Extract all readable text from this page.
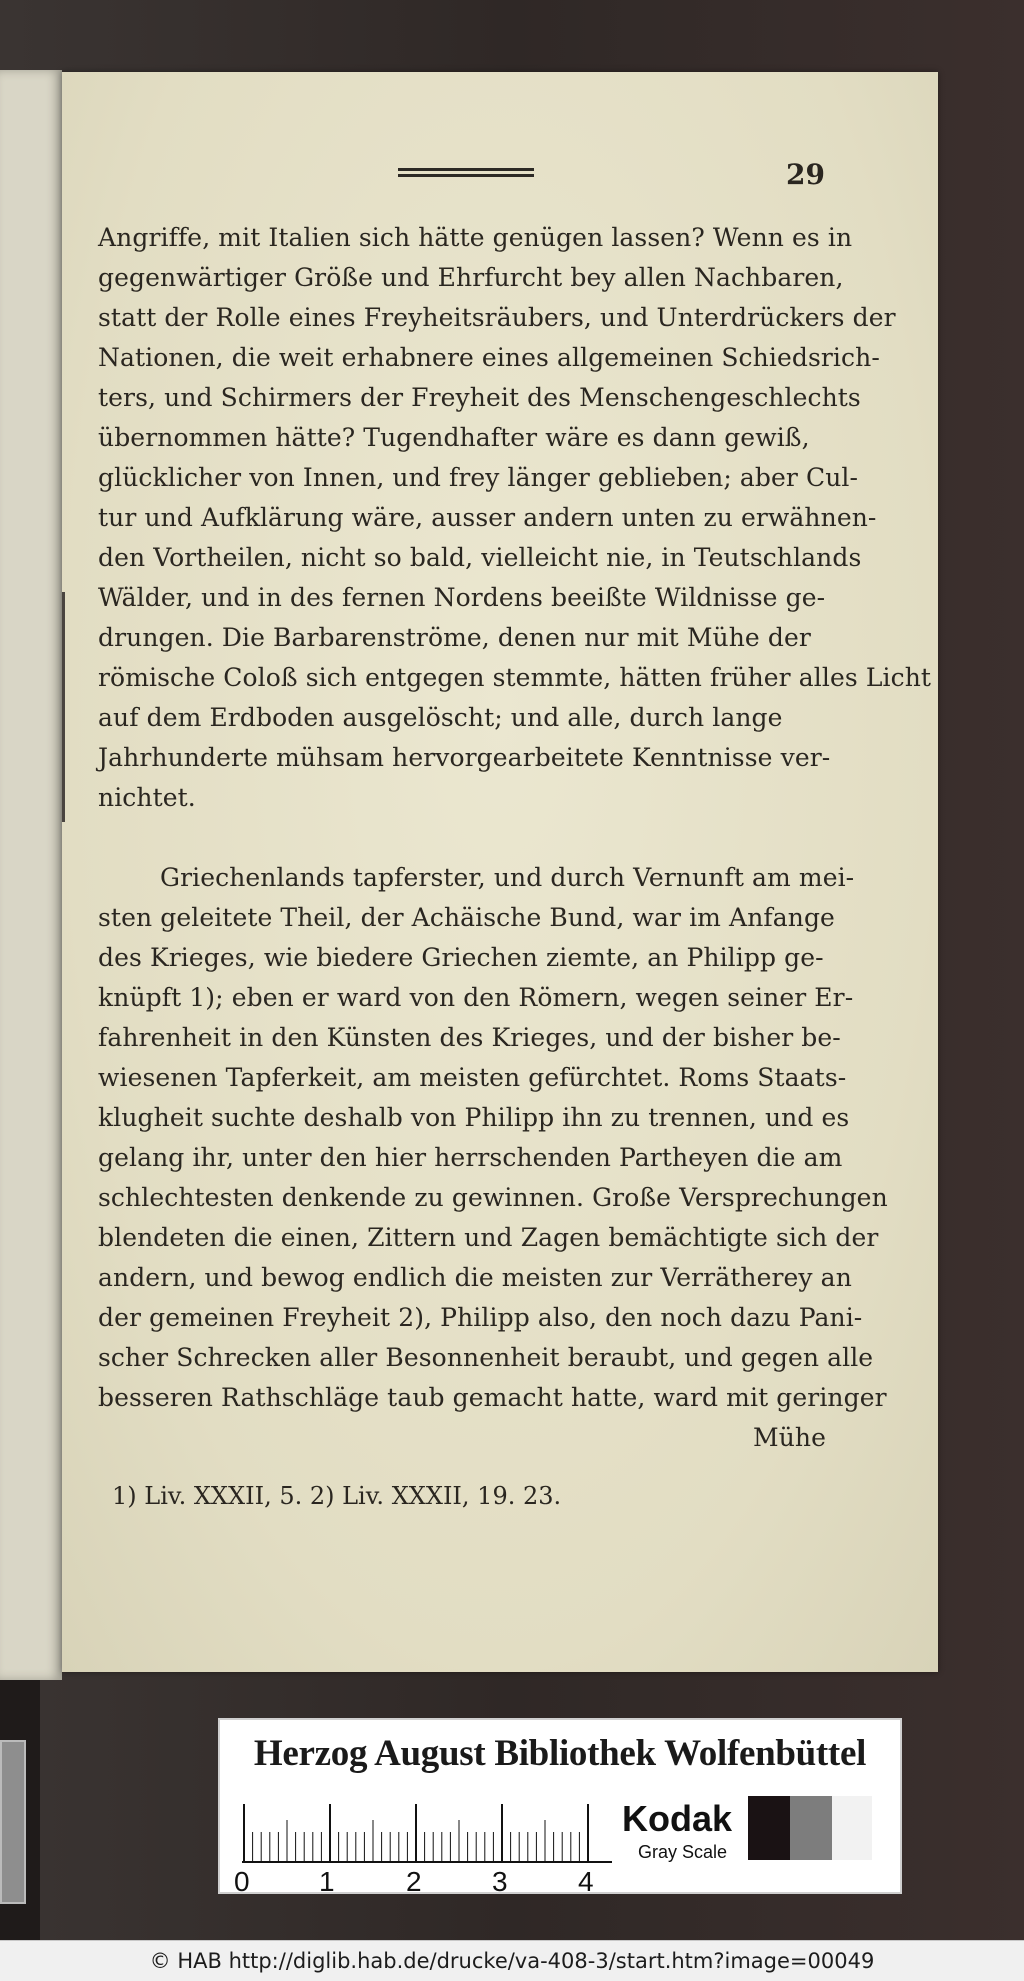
29
Angriffe, mit Italien sich hätte genügen lassen? Wenn es in
gegenwärtiger Größe und Ehrfurcht bey allen Nachbaren,
statt der Rolle eines Freyheitsräubers, und Unterdrückers der
Nationen, die weit erhabnere eines allgemeinen Schiedsrich-
ters, und Schirmers der Freyheit des Menschengeschlechts
übernommen hätte? Tugendhafter wäre es dann gewiß,
glücklicher von Innen, und frey länger geblieben; aber Cul-
tur und Aufklärung wäre, ausser andern unten zu erwähnen-
den Vortheilen, nicht so bald, vielleicht nie, in Teutschlands
Wälder, und in des fernen Nordens beeißte Wildnisse ge-
drungen. Die Barbarenströme, denen nur mit Mühe der
römische Coloß sich entgegen stemmte, hätten früher alles Licht
auf dem Erdboden ausgelöscht; und alle, durch lange
Jahrhunderte mühsam hervorgearbeitete Kenntnisse ver-
nichtet.
Griechenlands tapferster, und durch Vernunft am mei-
sten geleitete Theil, der Achäische Bund, war im Anfange
des Krieges, wie biedere Griechen ziemte, an Philipp ge-
knüpft 1); eben er ward von den Römern, wegen seiner Er-
fahrenheit in den Künsten des Krieges, und der bisher be-
wiesenen Tapferkeit, am meisten gefürchtet. Roms Staats-
klugheit suchte deshalb von Philipp ihn zu trennen, und es
gelang ihr, unter den hier herrschenden Partheyen die am
schlechtesten denkende zu gewinnen. Große Versprechungen
blendeten die einen, Zittern und Zagen bemächtigte sich der
andern, und bewog endlich die meisten zur Verrätherey an
der gemeinen Freyheit 2), Philipp also, den noch dazu Pani-
scher Schrecken aller Besonnenheit beraubt, und gegen alle
besseren Rathschläge taub gemacht hatte, ward mit geringer
Mühe
1) Liv. XXXII, 5. 2) Liv. XXXII, 19. 23.
Herzog August Bibliothek Wolfenbüttel
0 1	2	3	4
Kodak
Gray Scale
© HAB http://diglib.hab.de/drucke/va-408-3/start.htm?image=00049
